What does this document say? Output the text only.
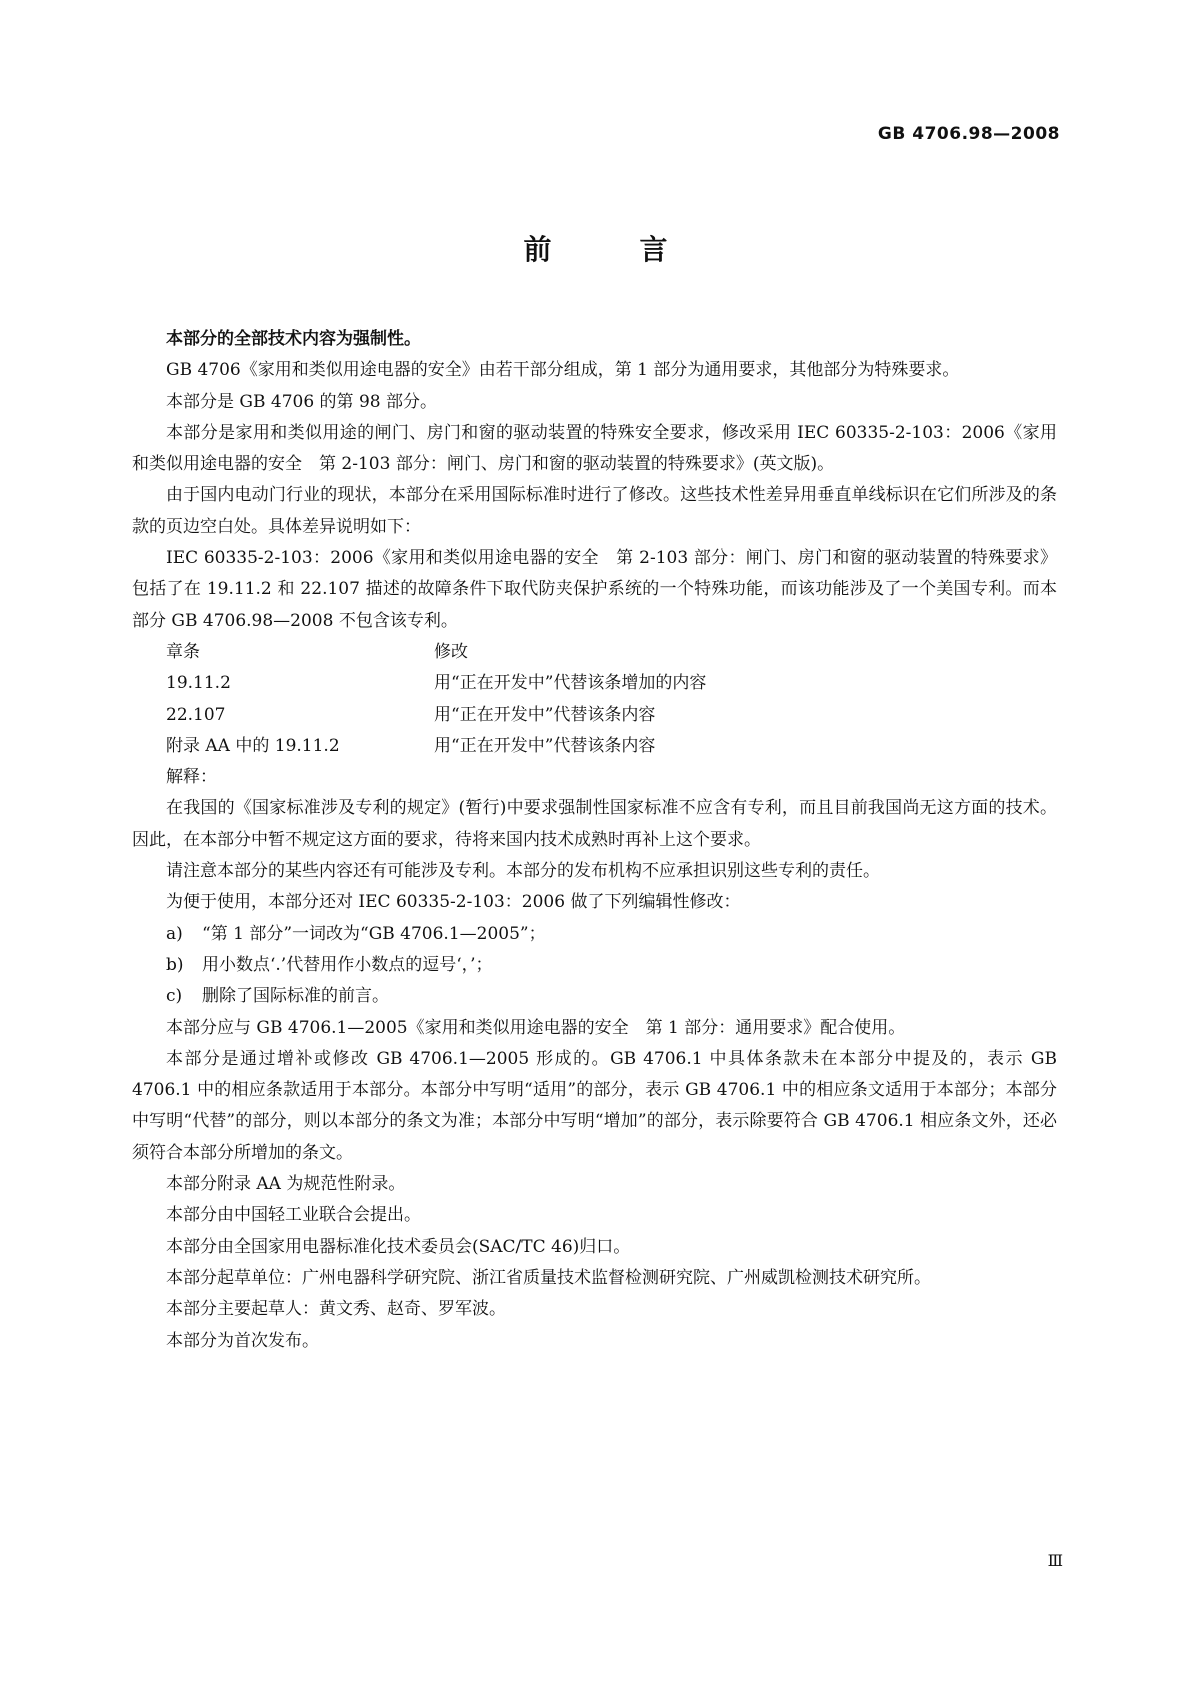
GB 4706.98—2008
前	言

本部分的全部技术内容为强制性。

GB 4706《家用和类似用途电器的安全》由若干部分组成，第 1 部分为通用要求，其他部分为特殊要求。

本部分是 GB 4706 的第 98 部分。

本部分是家用和类似用途的闸门、房门和窗的驱动装置的特殊安全要求，修改采用 IEC 60335-2-103：2006《家用和类似用途电器的安全　第 2-103 部分：闸门、房门和窗的驱动装置的特殊要求》(英文版)。

由于国内电动门行业的现状，本部分在采用国际标准时进行了修改。这些技术性差异用垂直单线标识在它们所涉及的条款的页边空白处。具体差异说明如下：

IEC 60335-2-103：2006《家用和类似用途电器的安全　第 2-103 部分：闸门、房门和窗的驱动装置的特殊要求》包括了在 19.11.2 和 22.107 描述的故障条件下取代防夹保护系统的一个特殊功能，而该功能涉及了一个美国专利。而本部分 GB 4706.98—2008 不包含该专利。

章条	修改
19.11.2	用“正在开发中”代替该条增加的内容
22.107	用“正在开发中”代替该条内容
附录 AA 中的 19.11.2	用“正在开发中”代替该条内容

解释：

在我国的《国家标准涉及专利的规定》(暂行)中要求强制性国家标准不应含有专利，而且目前我国尚无这方面的技术。因此，在本部分中暂不规定这方面的要求，待将来国内技术成熟时再补上这个要求。

请注意本部分的某些内容还有可能涉及专利。本部分的发布机构不应承担识别这些专利的责任。

为便于使用，本部分还对 IEC 60335-2-103：2006 做了下列编辑性修改：

a)	“第 1 部分”一词改为“GB 4706.1—2005”；
b)	用小数点‘.’代替用作小数点的逗号‘，’；
c)	删除了国际标准的前言。

本部分应与 GB 4706.1—2005《家用和类似用途电器的安全　第 1 部分：通用要求》配合使用。

本部分是通过增补或修改 GB 4706.1—2005 形成的。GB 4706.1 中具体条款未在本部分中提及的，表示 GB 4706.1 中的相应条款适用于本部分。本部分中写明“适用”的部分，表示 GB 4706.1 中的相应条文适用于本部分；本部分中写明“代替”的部分，则以本部分的条文为准；本部分中写明“增加”的部分，表示除要符合 GB 4706.1 相应条文外，还必须符合本部分所增加的条文。

本部分附录 AA 为规范性附录。

本部分由中国轻工业联合会提出。

本部分由全国家用电器标准化技术委员会(SAC/TC 46)归口。

本部分起草单位：广州电器科学研究院、浙江省质量技术监督检测研究院、广州威凯检测技术研究所。

本部分主要起草人：黄文秀、赵奇、罗军波。

本部分为首次发布。

Ⅲ
